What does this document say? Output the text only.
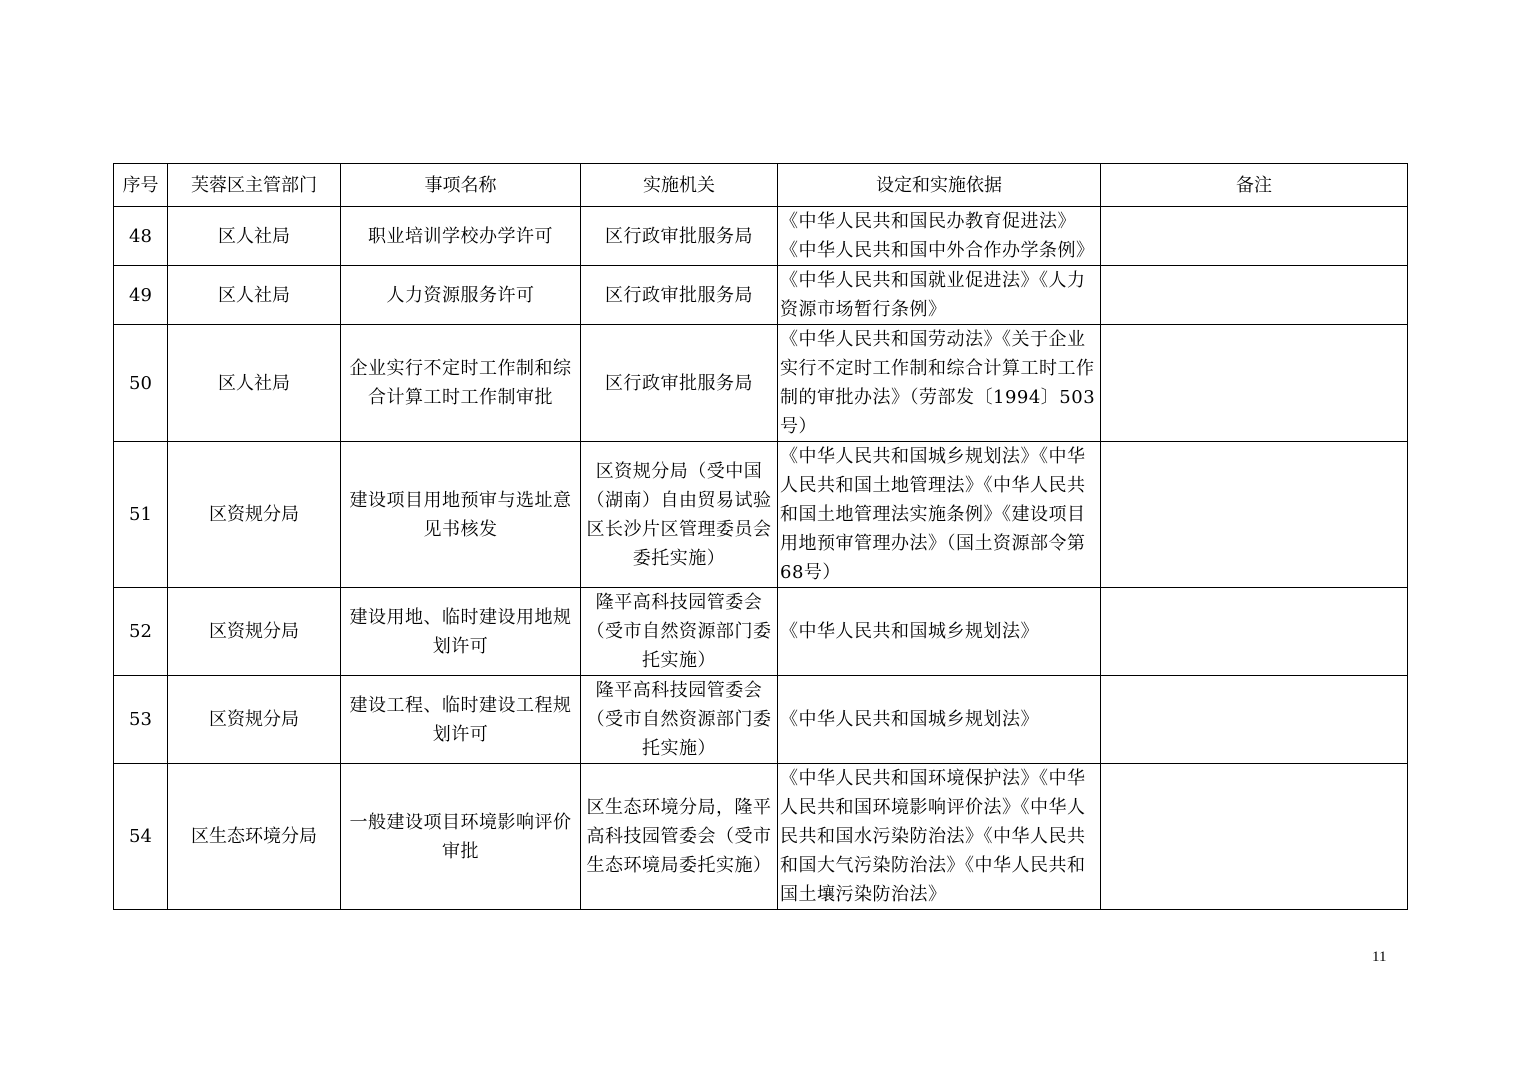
序号	芙蓉区主管部门	事项名称	实施机关	设定和实施依据	备注
48	区人社局	职业培训学校办学许可	区行政审批服务局	《中华人民共和国民办教育促进法》《中华人民共和国中外合作办学条例》	
49	区人社局	人力资源服务许可	区行政审批服务局	《中华人民共和国就业促进法》《人力资源市场暂行条例》	
50	区人社局	企业实行不定时工作制和综合计算工时工作制审批	区行政审批服务局	《中华人民共和国劳动法》《关于企业实行不定时工作制和综合计算工时工作制的审批办法》（劳部发〔1994〕503号）	
51	区资规分局	建设项目用地预审与选址意见书核发	区资规分局（受中国（湖南）自由贸易试验区长沙片区管理委员会委托实施）	《中华人民共和国城乡规划法》《中华人民共和国土地管理法》《中华人民共和国土地管理法实施条例》《建设项目用地预审管理办法》（国土资源部令第68号）	
52	区资规分局	建设用地、临时建设用地规划许可	隆平高科技园管委会（受市自然资源部门委托实施）	《中华人民共和国城乡规划法》	
53	区资规分局	建设工程、临时建设工程规划许可	隆平高科技园管委会（受市自然资源部门委托实施）	《中华人民共和国城乡规划法》	
54	区生态环境分局	一般建设项目环境影响评价审批	区生态环境分局，隆平高科技园管委会（受市生态环境局委托实施）	《中华人民共和国环境保护法》《中华人民共和国环境影响评价法》《中华人民共和国水污染防治法》《中华人民共和国大气污染防治法》《中华人民共和国土壤污染防治法》	
11
